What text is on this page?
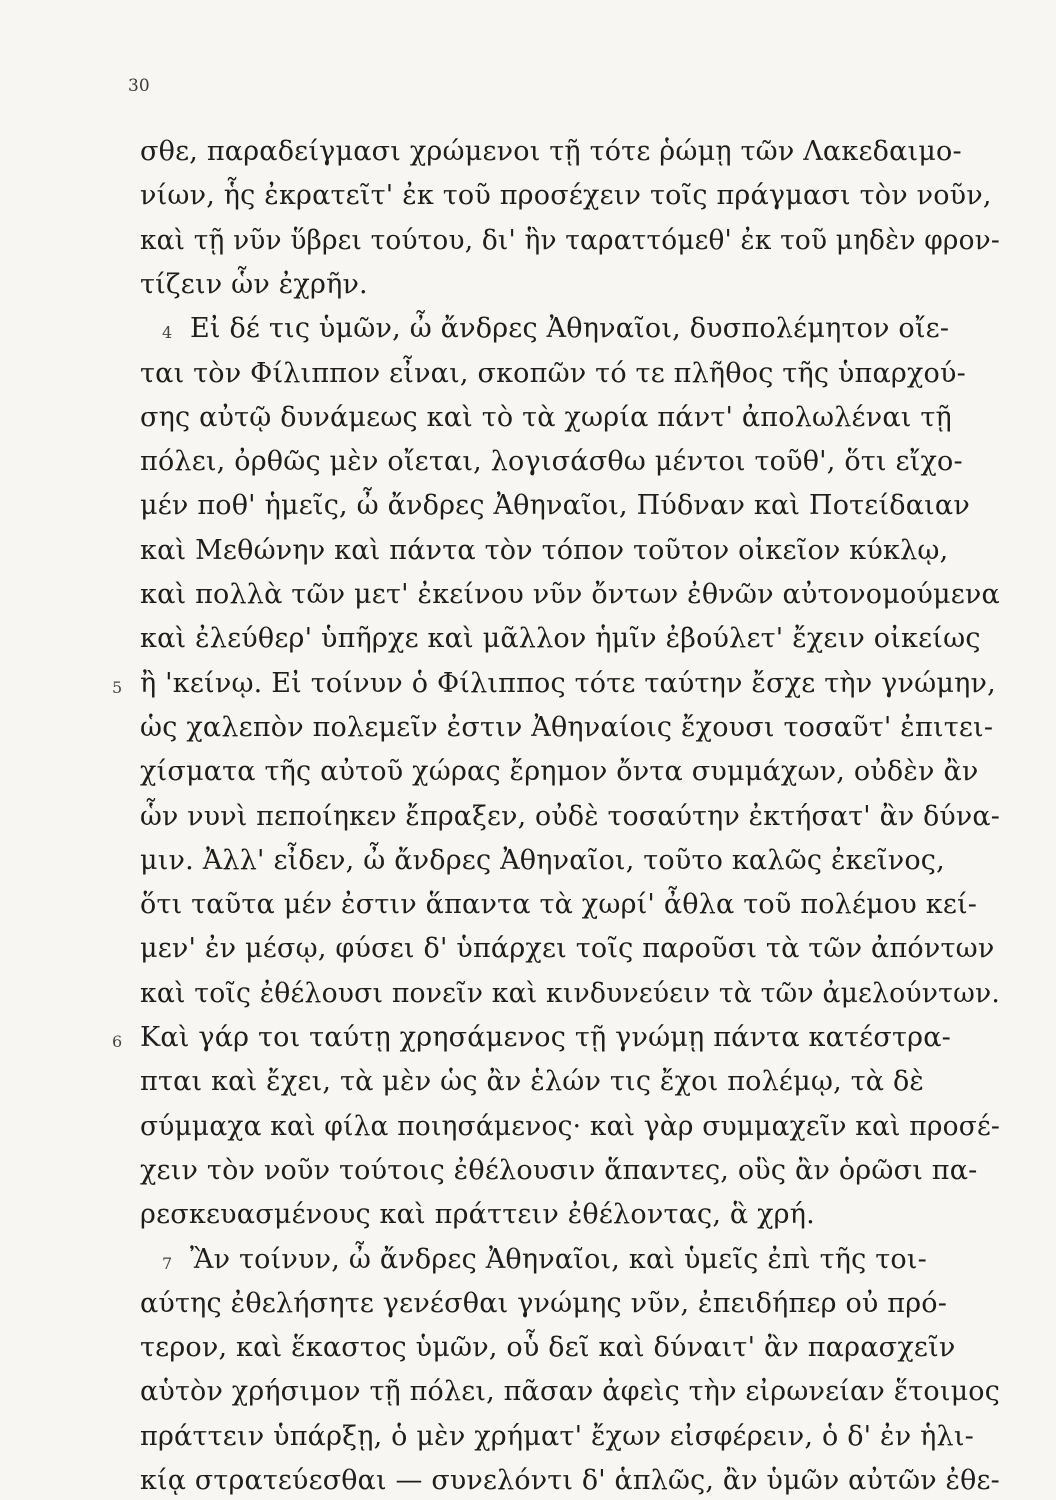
30
σθε, παραδείγμασι χρώμενοι τῇ τότε ῥώμῃ τῶν Λακεδαιμο-
νίων, ἧς ἐκρατεῖτ' ἐκ τοῦ προσέχειν τοῖς πράγμασι τὸν νοῦν,
καὶ τῇ νῦν ὕβρει τούτου, δι' ἣν ταραττόμεθ' ἐκ τοῦ μηδὲν φρον-
τίζειν ὧν ἐχρῆν.
Εἰ δέ τις ὑμῶν, ὦ ἄνδρες Ἀθηναῖοι, δυσπολέμητον οἴε-
4
ται τὸν Φίλιππον εἶναι, σκοπῶν τό τε πλῆθος τῆς ὑπαρχού-
σης αὐτῷ δυνάμεως καὶ τὸ τὰ χωρία πάντ' ἀπολωλέναι τῇ
πόλει, ὀρθῶς μὲν οἴεται, λογισάσθω μέντοι τοῦθ', ὅτι εἴχο-
μέν ποθ' ἡμεῖς, ὦ ἄνδρες Ἀθηναῖοι, Πύδναν καὶ Ποτείδαιαν
καὶ Μεθώνην καὶ πάντα τὸν τόπον τοῦτον οἰκεῖον κύκλῳ,
καὶ πολλὰ τῶν μετ' ἐκείνου νῦν ὄντων ἐθνῶν αὐτονομούμενα
καὶ ἐλεύθερ' ὑπῆρχε καὶ μᾶλλον ἡμῖν ἐβούλετ' ἔχειν οἰκείως
ἢ 'κείνῳ. Εἰ τοίνυν ὁ Φίλιππος τότε ταύτην ἔσχε τὴν γνώμην,
5
ὡς χαλεπὸν πολεμεῖν ἐστιν Ἀθηναίοις ἔχουσι τοσαῦτ' ἐπιτει-
χίσματα τῆς αὐτοῦ χώρας ἔρημον ὄντα συμμάχων, οὐδὲν ἂν
ὧν νυνὶ πεποίηκεν ἔπραξεν, οὐδὲ τοσαύτην ἐκτήσατ' ἂν δύνα-
μιν. Ἀλλ' εἶδεν, ὦ ἄνδρες Ἀθηναῖοι, τοῦτο καλῶς ἐκεῖνος,
ὅτι ταῦτα μέν ἐστιν ἅπαντα τὰ χωρί' ἆθλα τοῦ πολέμου κεί-
μεν' ἐν μέσῳ, φύσει δ' ὑπάρχει τοῖς παροῦσι τὰ τῶν ἀπόντων
καὶ τοῖς ἐθέλουσι πονεῖν καὶ κινδυνεύειν τὰ τῶν ἀμελούντων.
Καὶ γάρ τοι ταύτῃ χρησάμενος τῇ γνώμῃ πάντα κατέστρα-
6
πται καὶ ἔχει, τὰ μὲν ὡς ἂν ἑλών τις ἔχοι πολέμῳ, τὰ δὲ
σύμμαχα καὶ φίλα ποιησάμενος· καὶ γὰρ συμμαχεῖν καὶ προσέ-
χειν τὸν νοῦν τούτοις ἐθέλουσιν ἅπαντες, οὓς ἂν ὁρῶσι πα-
ρεσκευασμένους καὶ πράττειν ἐθέλοντας, ἃ χρή.
Ἂν τοίνυν, ὦ ἄνδρες Ἀθηναῖοι, καὶ ὑμεῖς ἐπὶ τῆς τοι-
7
αύτης ἐθελήσητε γενέσθαι γνώμης νῦν, ἐπειδήπερ οὐ πρό-
τερον, καὶ ἕκαστος ὑμῶν, οὗ δεῖ καὶ δύναιτ' ἂν παρασχεῖν
αὑτὸν χρήσιμον τῇ πόλει, πᾶσαν ἀφεὶς τὴν εἰρωνείαν ἕτοιμος
πράττειν ὑπάρξῃ, ὁ μὲν χρήματ' ἔχων εἰσφέρειν, ὁ δ' ἐν ἡλι-
κίᾳ στρατεύεσθαι — συνελόντι δ' ἁπλῶς, ἂν ὑμῶν αὐτῶν ἐθε-
